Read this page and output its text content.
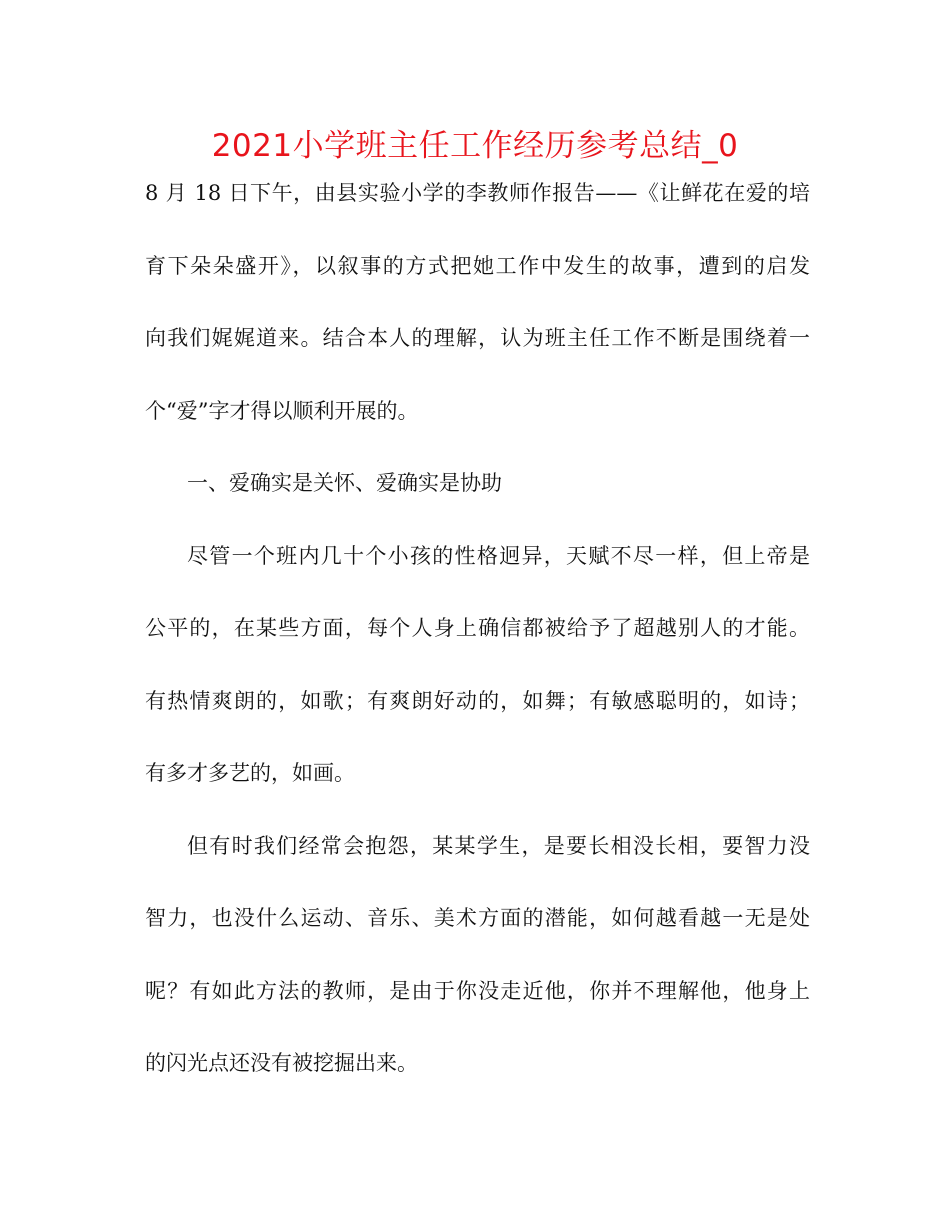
2021小学班主任工作经历参考总结_0
8 月 18 日下午，由县实验小学的李教师作报告——《让鲜花在爱的培
育下朵朵盛开》，以叙事的方式把她工作中发生的故事，遭到的启发
向我们娓娓道来。结合本人的理解，认为班主任工作不断是围绕着一
个“爱”字才得以顺利开展的。
一、爱确实是关怀、爱确实是协助
尽管一个班内几十个小孩的性格迥异，天赋不尽一样，但上帝是
公平的，在某些方面，每个人身上确信都被给予了超越别人的才能。
有热情爽朗的，如歌；有爽朗好动的，如舞；有敏感聪明的，如诗；
有多才多艺的，如画。
但有时我们经常会抱怨，某某学生，是要长相没长相，要智力没
智力，也没什么运动、音乐、美术方面的潜能，如何越看越一无是处
呢？有如此方法的教师，是由于你没走近他，你并不理解他，他身上
的闪光点还没有被挖掘出来。
